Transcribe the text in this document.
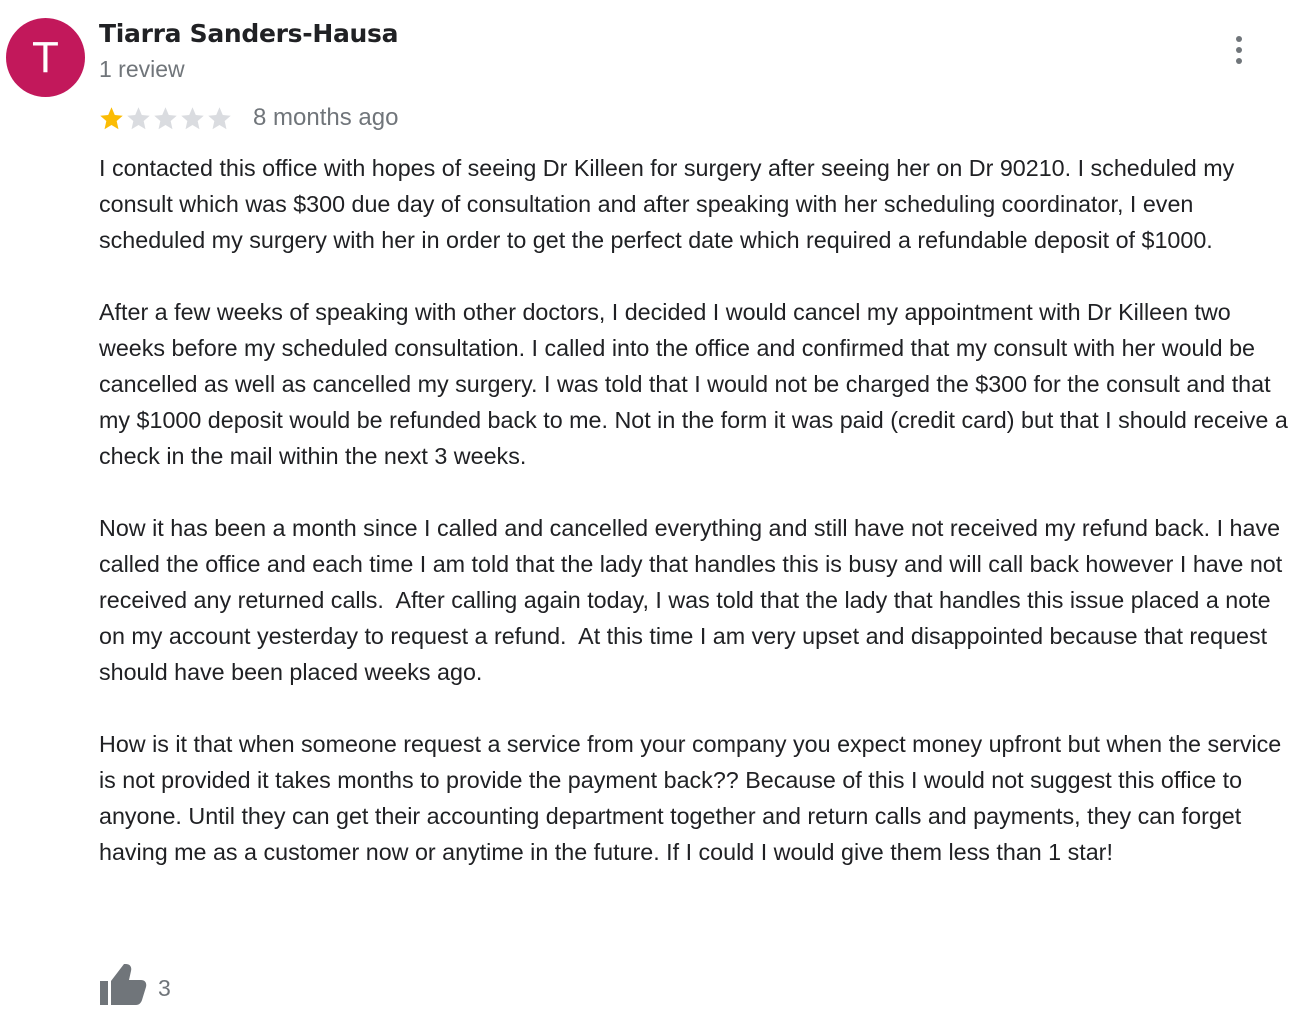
T Tiarra Sanders-Hausa
1 review
8 months ago

I contacted this office with hopes of seeing Dr Killeen for surgery after seeing her on Dr 90210. I scheduled my consult which was $300 due day of consultation and after speaking with her scheduling coordinator, I even scheduled my surgery with her in order to get the perfect date which required a refundable deposit of $1000.

After a few weeks of speaking with other doctors, I decided I would cancel my appointment with Dr Killeen two weeks before my scheduled consultation. I called into the office and confirmed that my consult with her would be cancelled as well as cancelled my surgery. I was told that I would not be charged the $300 for the consult and that my $1000 deposit would be refunded back to me. Not in the form it was paid (credit card) but that I should receive a check in the mail within the next 3 weeks.

Now it has been a month since I called and cancelled everything and still have not received my refund back. I have called the office and each time I am told that the lady that handles this is busy and will call back however I have not received any returned calls.  After calling again today, I was told that the lady that handles this issue placed a note on my account yesterday to request a refund.  At this time I am very upset and disappointed because that request should have been placed weeks ago.

How is it that when someone request a service from your company you expect money upfront but when the service is not provided it takes months to provide the payment back?? Because of this I would not suggest this office to anyone. Until they can get their accounting department together and return calls and payments, they can forget having me as a customer now or anytime in the future. If I could I would give them less than 1 star!

3
